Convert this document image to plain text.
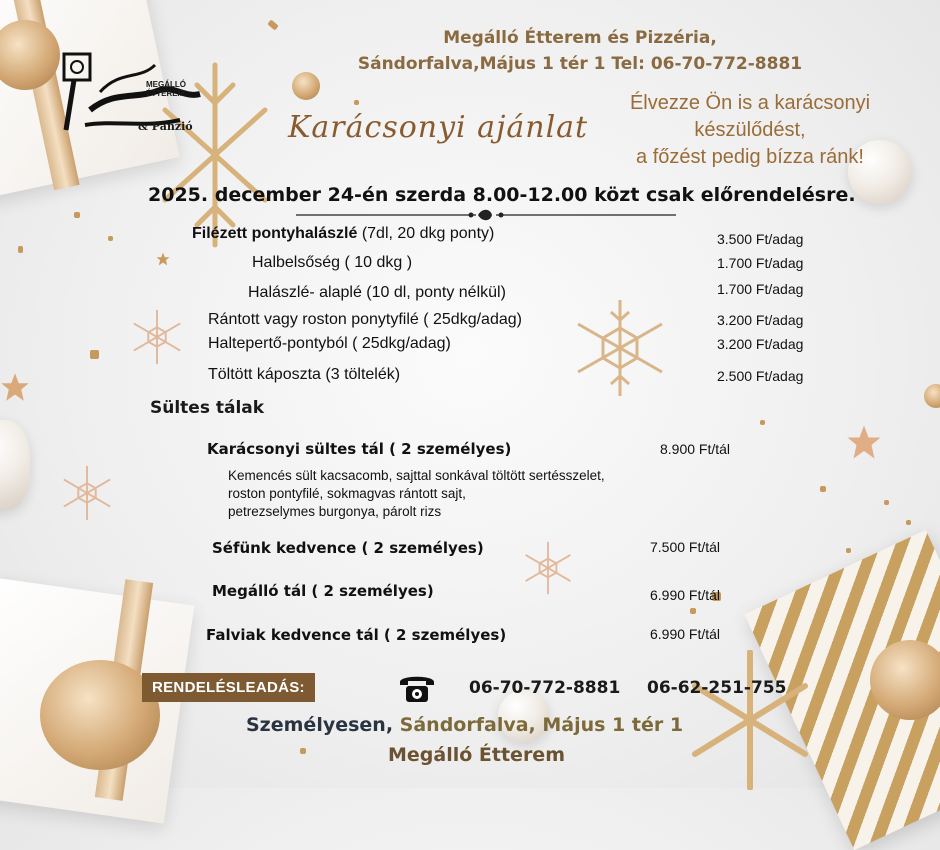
MEGÁLLÓ ÉTTEREM
& Panzió
Megálló Étterem és Pizzéria,
Sándorfalva,Május 1 tér 1 Tel: 06-70-772-8881
Karácsonyi ajánlat
Élvezze Ön is a karácsonyi
készülődést,
a főzést pedig bízza ránk!
2025. december 24-én szerda 8.00-12.00 közt csak előrendelésre.
Filézett pontyhalászlé (7dl, 20 dkg ponty)	3.500 Ft/adag
Halbelsőség ( 10 dkg )	1.700 Ft/adag
Halászlé- alaplé (10 dl, ponty nélkül)	1.700 Ft/adag
Rántott vagy roston ponytyfilé ( 25dkg/adag)	3.200 Ft/adag
Haltepertő-pontyból ( 25dkg/adag)	3.200 Ft/adag
Töltött káposzta (3 töltelék)	2.500 Ft/adag
Sültes tálak
Karácsonyi sültes tál ( 2 személyes)	8.900 Ft/tál
Kemencés sült kacsacomb, sajttal sonkával töltött sertésszelet,
roston pontyfilé, sokmagvas rántott sajt,
petrezselymes burgonya, párolt rizs
Séfünk kedvence ( 2 személyes)	7.500 Ft/tál
Megálló tál ( 2 személyes)	6.990 Ft/tál
Falviak kedvence tál ( 2 személyes)	6.990 Ft/tál
RENDELÉSLEADÁS:	06-70-772-8881 06-62-251-755
Személyesen, Sándorfalva, Május 1 tér 1
Megálló Étterem
